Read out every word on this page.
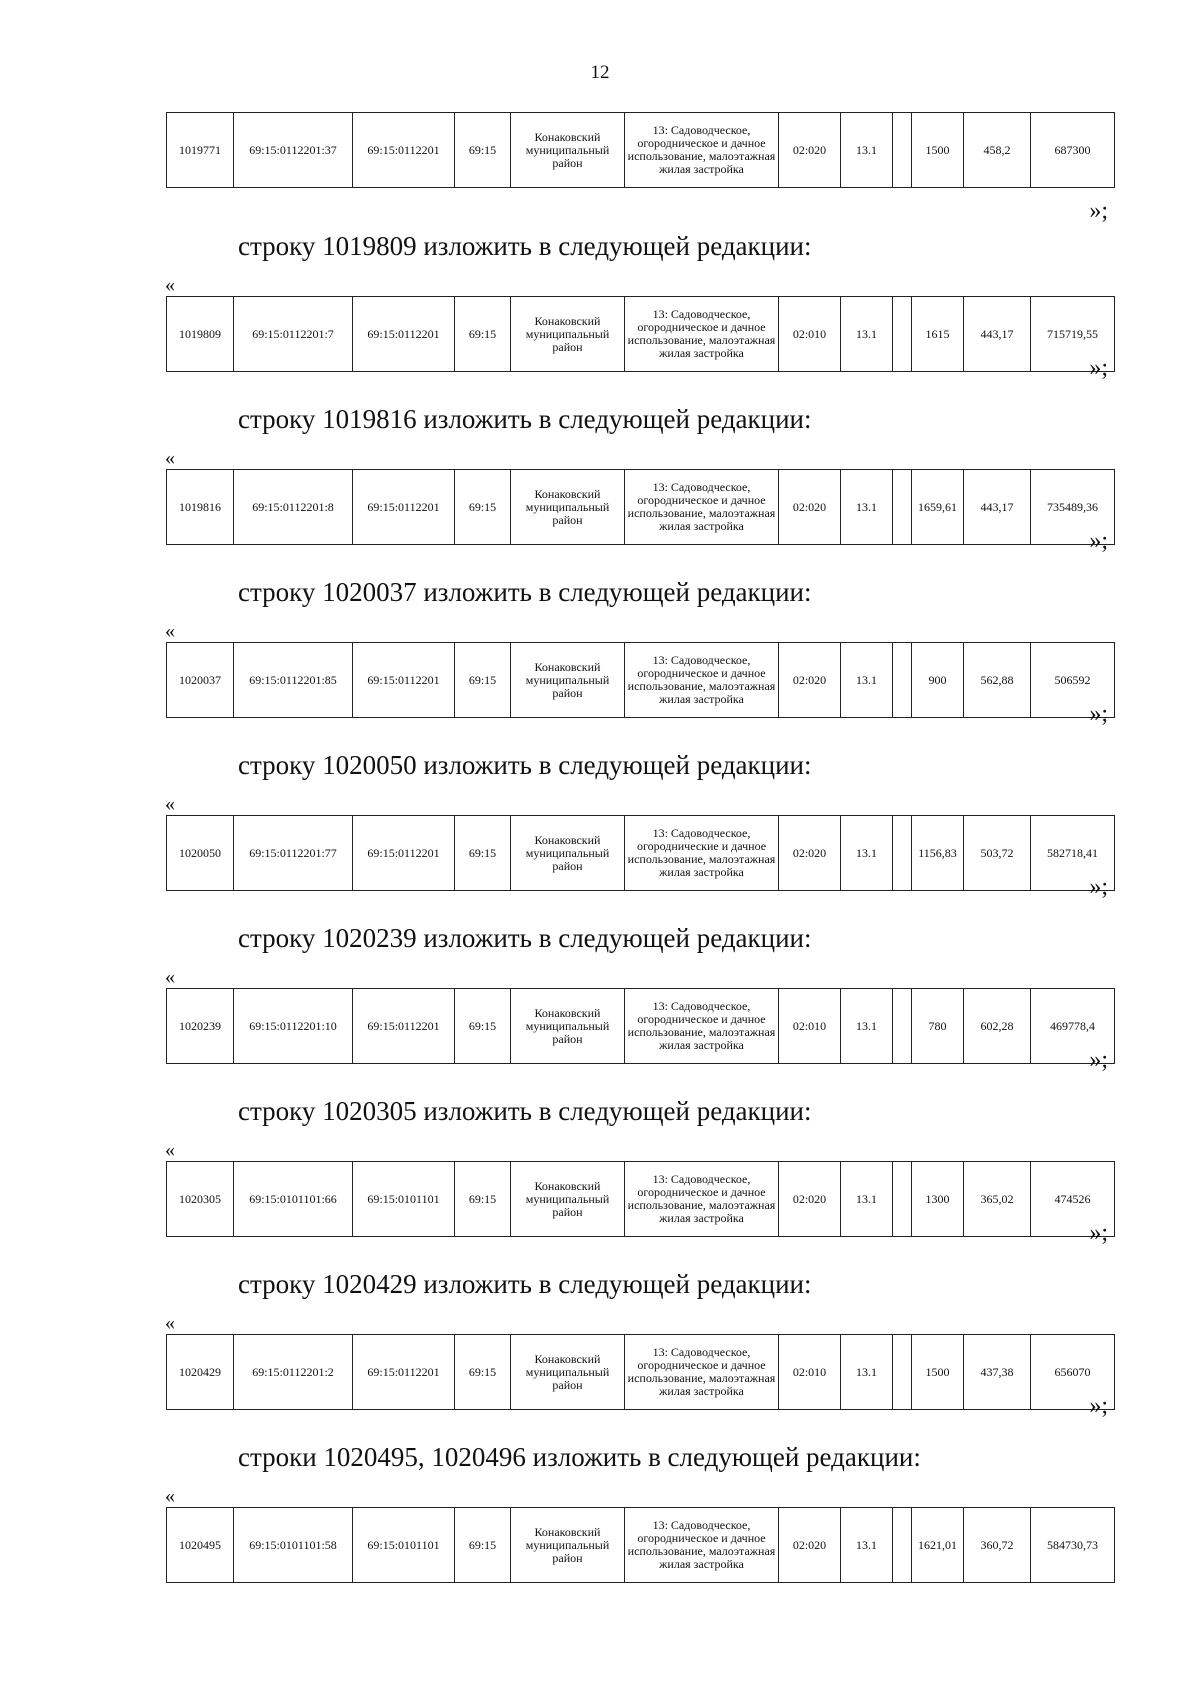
12
1019771	69:15:0112201:37	69:15:0112201	69:15	Конаковский муниципальный район	13: Садоводческое, огородническое и дачное использование, малоэтажная жилая застройка	02:020	13.1		1500	458,2	687300
»;
строку 1019809 изложить в следующей редакции:
«
1019809	69:15:0112201:7	69:15:0112201	69:15	Конаковский муниципальный район	13: Садоводческое, огородническое и дачное использование, малоэтажная жилая застройка	02:010	13.1		1615	443,17	715719,55
»;
строку 1019816 изложить в следующей редакции:
«
1019816	69:15:0112201:8	69:15:0112201	69:15	Конаковский муниципальный район	13: Садоводческое, огородническое и дачное использование, малоэтажная жилая застройка	02:020	13.1		1659,61	443,17	735489,36
»;
строку 1020037 изложить в следующей редакции:
«
1020037	69:15:0112201:85	69:15:0112201	69:15	Конаковский муниципальный район	13: Садоводческое, огородническое и дачное использование, малоэтажная жилая застройка	02:020	13.1		900	562,88	506592
»;
строку 1020050 изложить в следующей редакции:
«
1020050	69:15:0112201:77	69:15:0112201	69:15	Конаковский муниципальный район	13: Садоводческое, огороднические и дачное использование, малоэтажная жилая застройка	02:020	13.1		1156,83	503,72	582718,41
»;
строку 1020239 изложить в следующей редакции:
«
1020239	69:15:0112201:10	69:15:0112201	69:15	Конаковский муниципальный район	13: Садоводческое, огородническое и дачное использование, малоэтажная жилая застройка	02:010	13.1		780	602,28	469778,4
»;
строку 1020305 изложить в следующей редакции:
«
1020305	69:15:0101101:66	69:15:0101101	69:15	Конаковский муниципальный район	13: Садоводческое, огородническое и дачное использование, малоэтажная жилая застройка	02:020	13.1		1300	365,02	474526
»;
строку 1020429 изложить в следующей редакции:
«
1020429	69:15:0112201:2	69:15:0112201	69:15	Конаковский муниципальный район	13: Садоводческое, огородническое и дачное использование, малоэтажная жилая застройка	02:010	13.1		1500	437,38	656070
»;
строки 1020495, 1020496 изложить в следующей редакции:
«
1020495	69:15:0101101:58	69:15:0101101	69:15	Конаковский муниципальный район	13: Садоводческое, огородническое и дачное использование, малоэтажная жилая застройка	02:020	13.1		1621,01	360,72	584730,73
